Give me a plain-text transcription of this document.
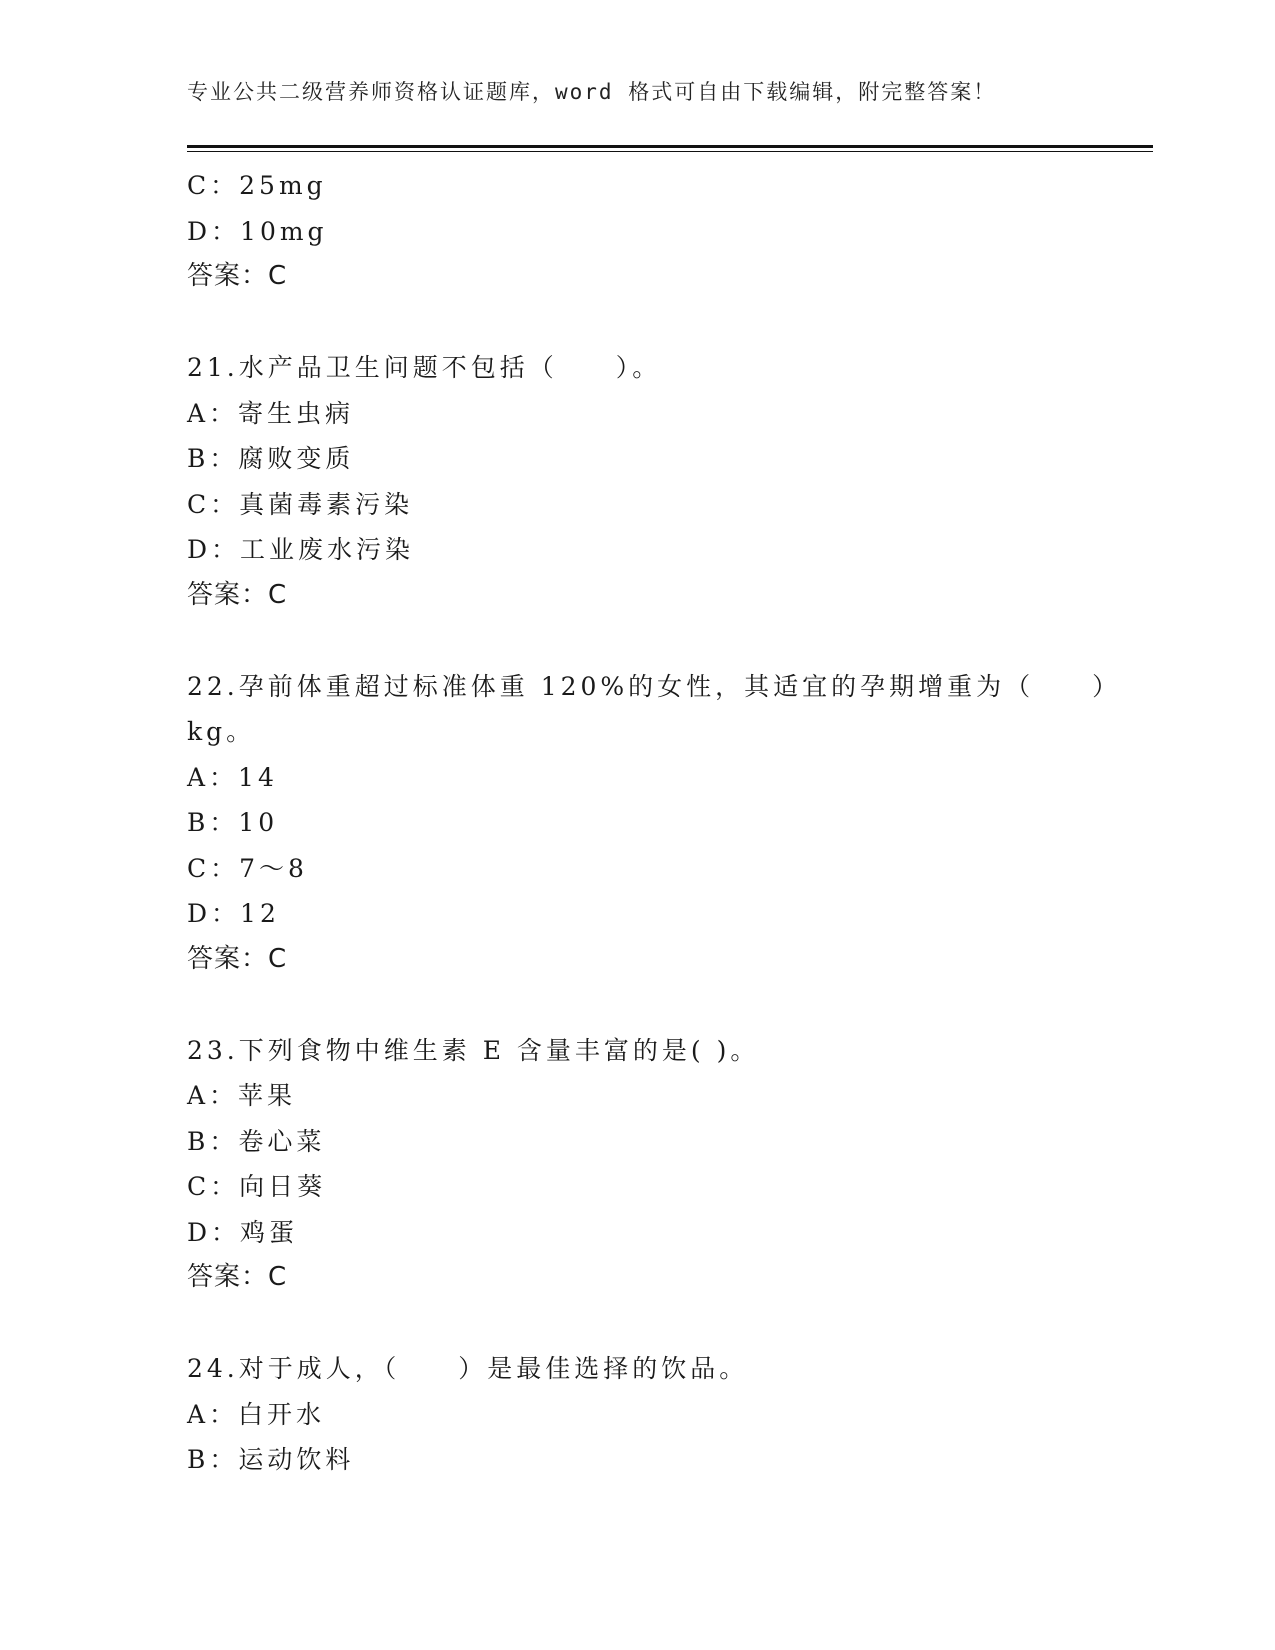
专业公共二级营养师资格认证题库，word 格式可自由下载编辑，附完整答案！
C：25mg
D：10mg
答案：C
21.水产品卫生问题不包括（　　）。
A：寄生虫病
B：腐败变质
C：真菌毒素污染
D：工业废水污染
答案：C
22.孕前体重超过标准体重 120%的女性，其适宜的孕期增重为（　　）
kg。
A：14
B：10
C：7～8
D：12
答案：C
23.下列食物中维生素 E 含量丰富的是( )。
A：苹果
B：卷心菜
C：向日葵
D：鸡蛋
答案：C
24.对于成人，（　　）是最佳选择的饮品。
A：白开水
B：运动饮料
